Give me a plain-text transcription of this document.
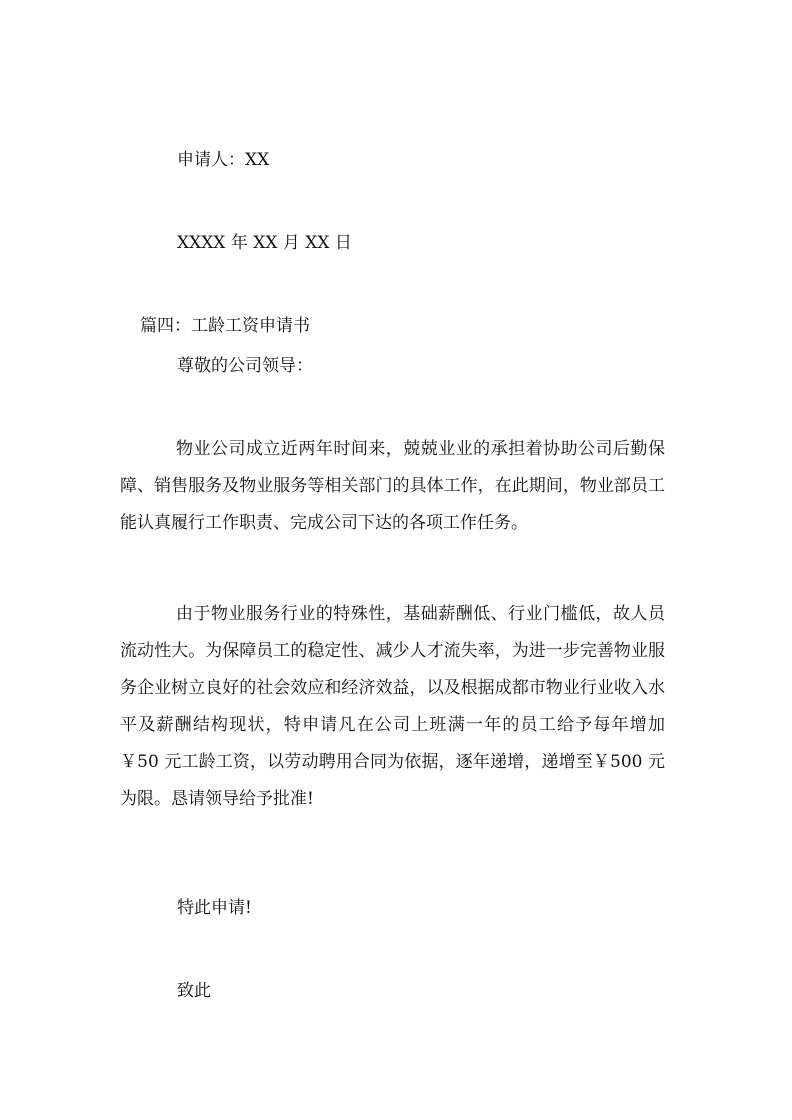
申请人：XX

XXXX 年 XX 月 XX 日

篇四：工龄工资申请书

尊敬的公司领导：

物业公司成立近两年时间来，兢兢业业的承担着协助公司后勤保障、销售服务及物业服务等相关部门的具体工作，在此期间，物业部员工能认真履行工作职责、完成公司下达的各项工作任务。

由于物业服务行业的特殊性，基础薪酬低、行业门槛低，故人员流动性大。为保障员工的稳定性、减少人才流失率，为进一步完善物业服务企业树立良好的社会效应和经济效益，以及根据成都市物业行业收入水平及薪酬结构现状，特申请凡在公司上班满一年的员工给予每年增加￥50 元工龄工资，以劳动聘用合同为依据，逐年递增，递增至￥500 元为限。恳请领导给予批准!

特此申请!

致此
